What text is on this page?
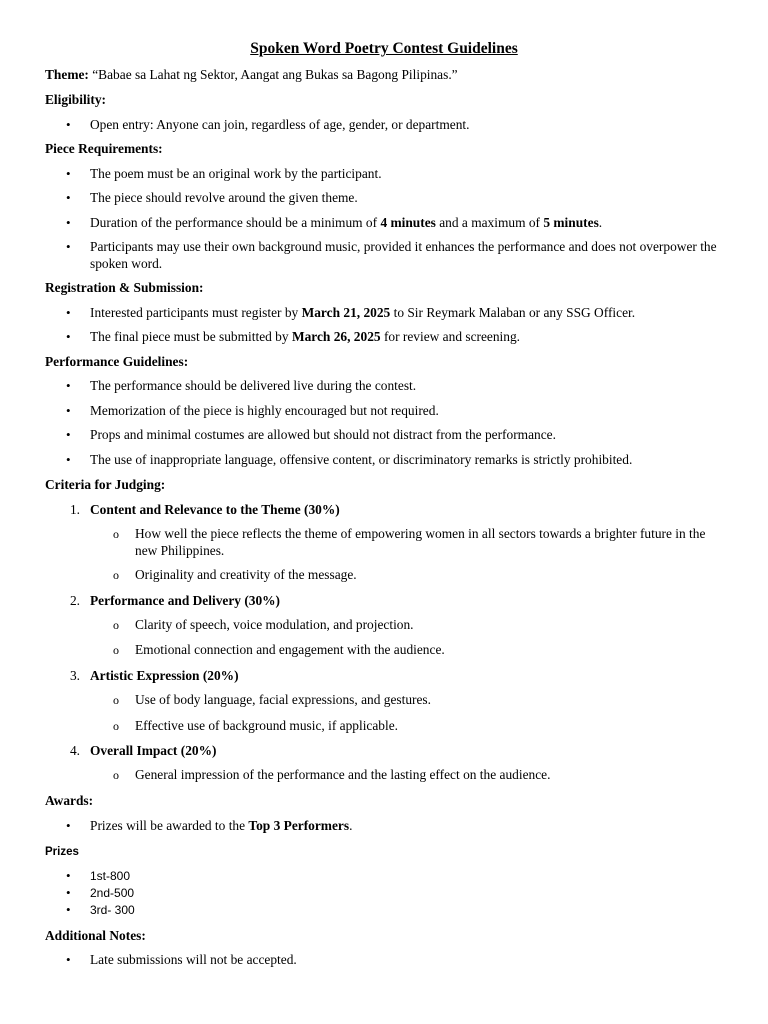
Spoken Word Poetry Contest Guidelines
Theme: “Babae sa Lahat ng Sektor, Aangat ang Bukas sa Bagong Pilipinas.”
Eligibility:
•	Open entry: Anyone can join, regardless of age, gender, or department.
Piece Requirements:
•	The poem must be an original work by the participant.
•	The piece should revolve around the given theme.
•	Duration of the performance should be a minimum of 4 minutes and a maximum of 5 minutes.
•	Participants may use their own background music, provided it enhances the performance and does not overpower the spoken word.
Registration & Submission:
•	Interested participants must register by March 21, 2025 to Sir Reymark Malaban or any SSG Officer.
•	The final piece must be submitted by March 26, 2025 for review and screening.
Performance Guidelines:
•	The performance should be delivered live during the contest.
•	Memorization of the piece is highly encouraged but not required.
•	Props and minimal costumes are allowed but should not distract from the performance.
•	The use of inappropriate language, offensive content, or discriminatory remarks is strictly prohibited.
Criteria for Judging:
1. Content and Relevance to the Theme (30%)
o How well the piece reflects the theme of empowering women in all sectors towards a brighter future in the new Philippines.
o Originality and creativity of the message.
2. Performance and Delivery (30%)
o Clarity of speech, voice modulation, and projection.
o Emotional connection and engagement with the audience.
3. Artistic Expression (20%)
o Use of body language, facial expressions, and gestures.
o Effective use of background music, if applicable.
4. Overall Impact (20%)
o General impression of the performance and the lasting effect on the audience.
Awards:
•	Prizes will be awarded to the Top 3 Performers.
Prizes
•	1st-800
•	2nd-500
•	3rd- 300
Additional Notes:
•	Late submissions will not be accepted.
